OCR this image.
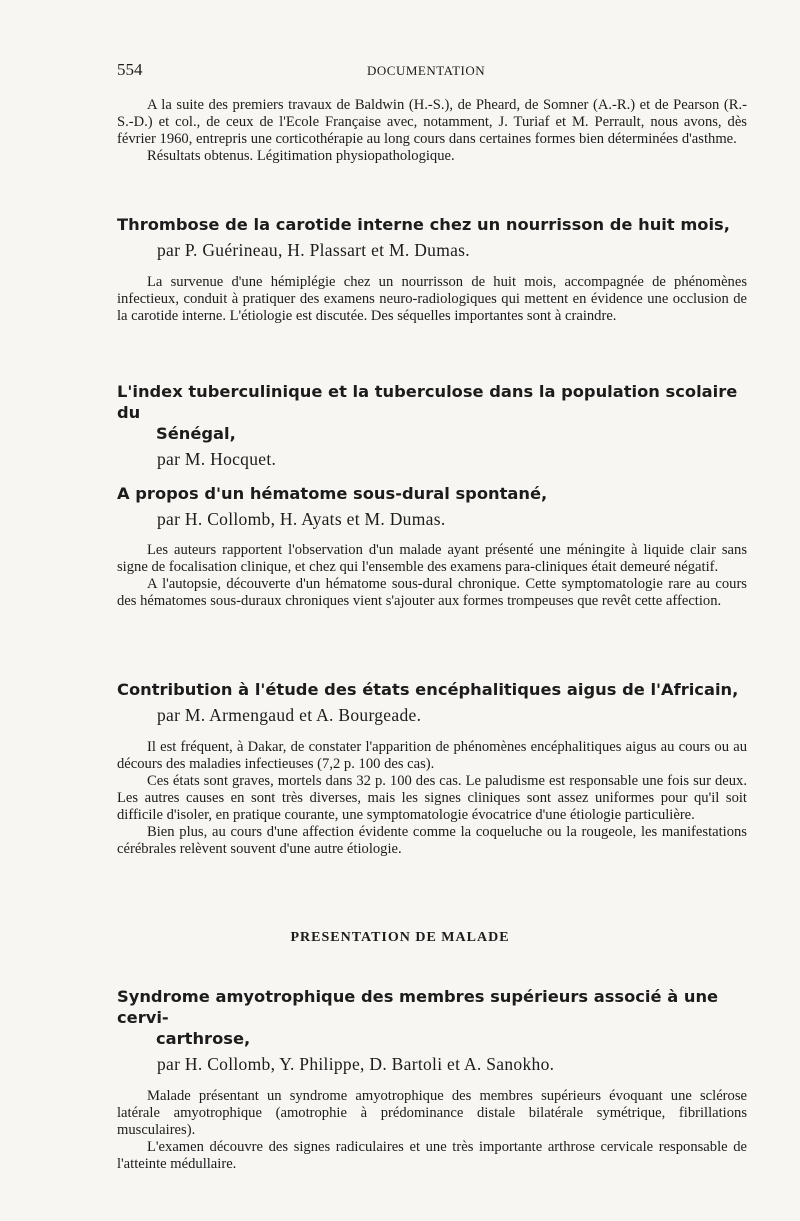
554	DOCUMENTATION

A la suite des premiers travaux de Baldwin (H.-S.), de Pheard, de Somner (A.-R.) et de Pearson (R.-S.-D.) et col., de ceux de l'Ecole Française avec, notamment, J. Turiaf et M. Perrault, nous avons, dès février 1960, entrepris une corticothérapie au long cours dans certaines formes bien déterminées d'asthme.

Résultats obtenus. Légitimation physiopathologique.

Thrombose de la carotide interne chez un nourrisson de huit mois,
par P. Guérineau, H. Plassart et M. Dumas.

La survenue d'une hémiplégie chez un nourrisson de huit mois, accompagnée de phénomènes infectieux, conduit à pratiquer des examens neuro-radiologiques qui mettent en évidence une occlusion de la carotide interne. L'étiologie est discutée. Des séquelles importantes sont à craindre.

L'index tuberculinique et la tuberculose dans la population scolaire du
Sénégal,
par M. Hocquet.
A propos d'un hématome sous-dural spontané,
par H. Collomb, H. Ayats et M. Dumas.

Les auteurs rapportent l'observation d'un malade ayant présenté une méningite à liquide clair sans signe de focalisation clinique, et chez qui l'ensemble des examens para-cliniques était demeuré négatif.

A l'autopsie, découverte d'un hématome sous-dural chronique. Cette symptomatologie rare au cours des hématomes sous-duraux chroniques vient s'ajouter aux formes trompeuses que revêt cette affection.

Contribution à l'étude des états encéphalitiques aigus de l'Africain,
par M. Armengaud et A. Bourgeade.

Il est fréquent, à Dakar, de constater l'apparition de phénomènes encéphalitiques aigus au cours ou au décours des maladies infectieuses (7,2 p. 100 des cas).

Ces états sont graves, mortels dans 32 p. 100 des cas. Le paludisme est responsable une fois sur deux. Les autres causes en sont très diverses, mais les signes cliniques sont assez uniformes pour qu'il soit difficile d'isoler, en pratique courante, une symptomatologie évocatrice d'une étiologie particulière.

Bien plus, au cours d'une affection évidente comme la coqueluche ou la rougeole, les manifestations cérébrales relèvent souvent d'une autre étiologie.

PRESENTATION DE MALADE
Syndrome amyotrophique des membres supérieurs associé à une cervi-
carthrose,
par H. Collomb, Y. Philippe, D. Bartoli et A. Sanokho.

Malade présentant un syndrome amyotrophique des membres supérieurs évoquant une sclérose latérale amyotrophique (amotrophie à prédominance distale bilatérale symétrique, fibrillations musculaires).

L'examen découvre des signes radiculaires et une très importante arthrose cervicale responsable de l'atteinte médullaire.
